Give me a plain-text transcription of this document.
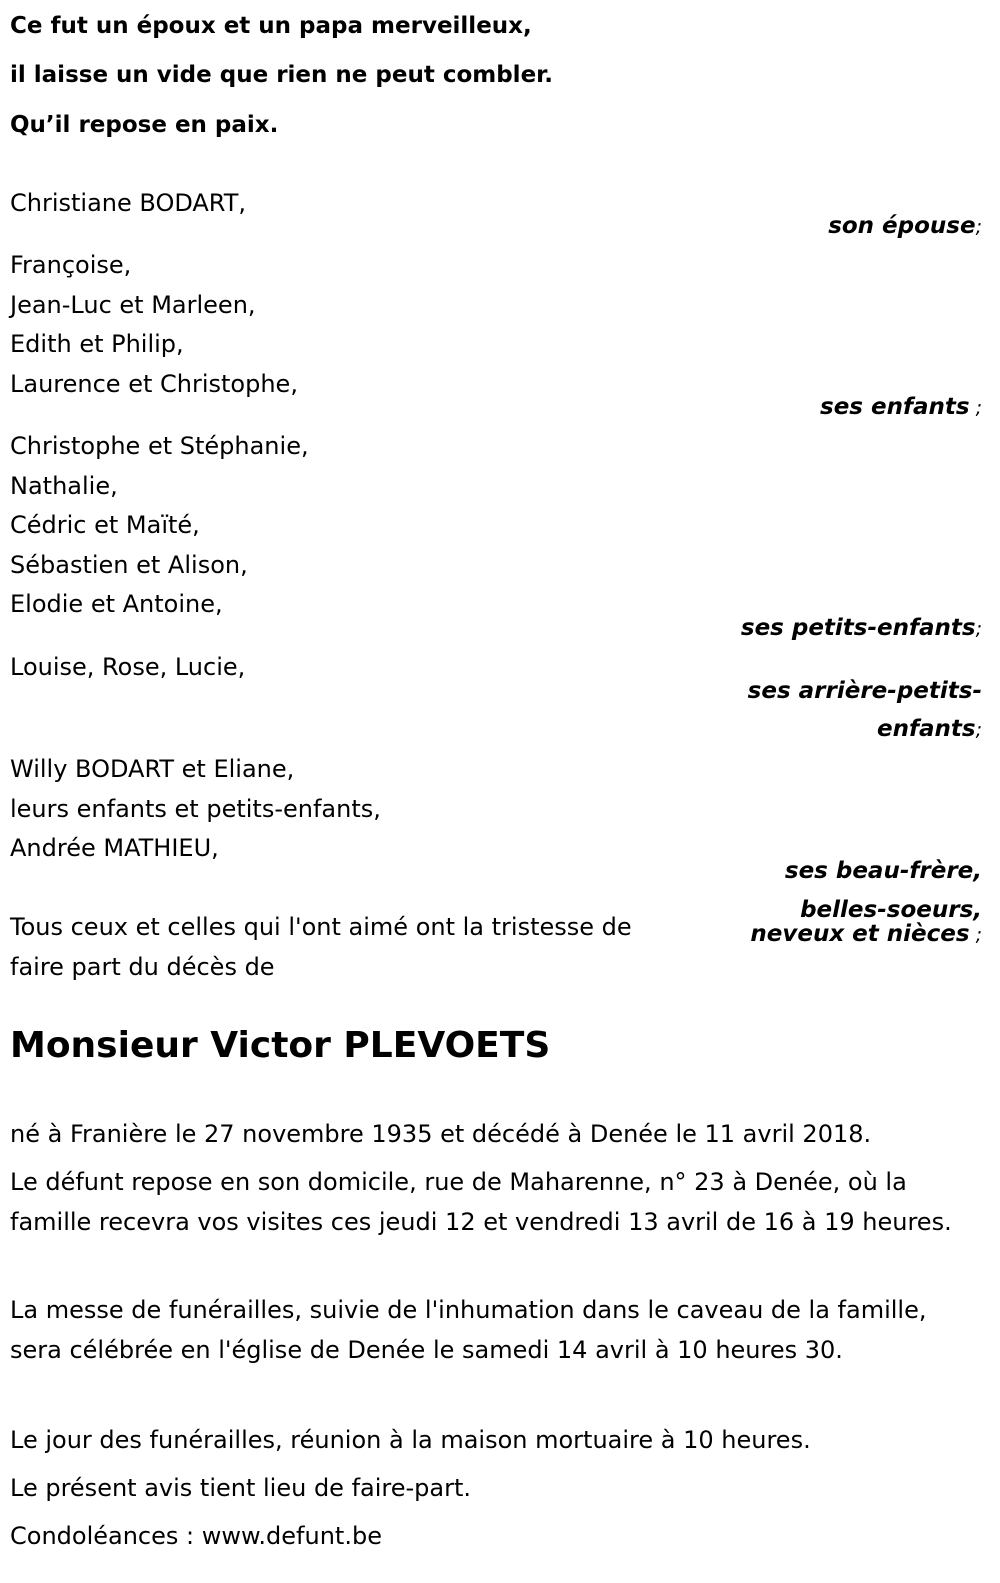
Ce fut un époux et un papa merveilleux,
il laisse un vide que rien ne peut combler.
Qu’il repose en paix.
Christiane BODART,
son épouse;
Françoise,
Jean-Luc et Marleen,
Edith et Philip,
Laurence et Christophe,
ses enfants ;
Christophe et Stéphanie,
Nathalie,
Cédric et Maïté,
Sébastien et Alison,
Elodie et Antoine,
ses petits-enfants;
Louise, Rose, Lucie,
ses arrière-petits-
enfants;
Willy BODART et Eliane,
leurs enfants et petits-enfants,
Andrée MATHIEU,
ses beau-frère,
belles-soeurs,
neveux et nièces ;
Tous ceux et celles qui l'ont aimé ont la tristesse de
faire part du décès de
Monsieur Victor PLEVOETS
né à Franière le 27 novembre 1935 et décédé à Denée le 11 avril 2018.
Le défunt repose en son domicile, rue de Maharenne, n° 23 à Denée, où la famille recevra vos visites ces jeudi 12 et vendredi 13 avril de 16 à 19 heures.
La messe de funérailles, suivie de l'inhumation dans le caveau de la famille, sera célébrée en l'église de Denée le samedi 14 avril à 10 heures 30.
Le jour des funérailles, réunion à la maison mortuaire à 10 heures.
Le présent avis tient lieu de faire-part.
Condoléances : www.defunt.be
